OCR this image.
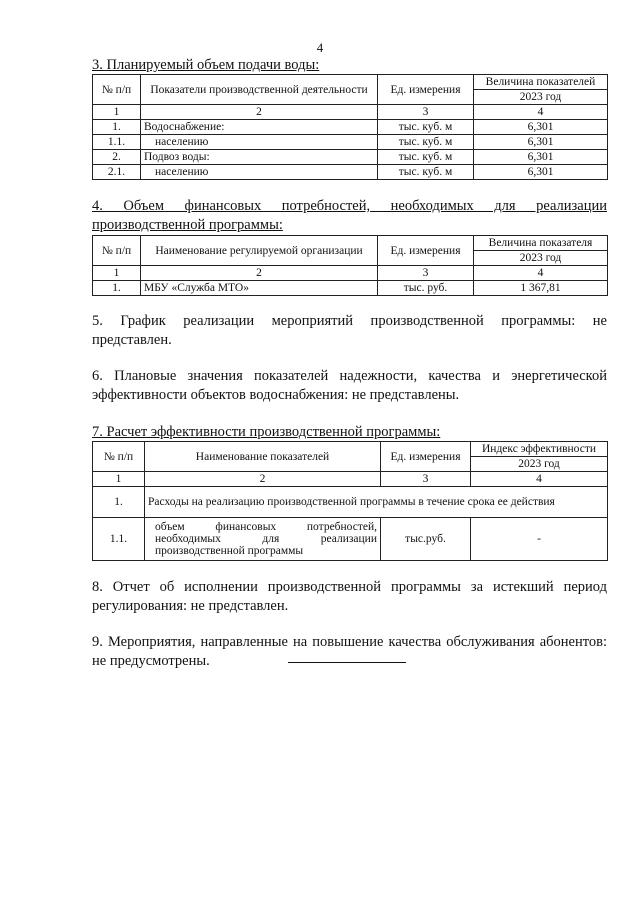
4
3. Планируемый объем подачи воды:
№ п/п	Показатели производственной деятельности	Ед. измерения	Величина показателей
			2023 год
1	2	3	4
1.	Водоснабжение:	тыс. куб. м	6,301
1.1.	населению	тыс. куб. м	6,301
2.	Подвоз воды:	тыс. куб. м	6,301
2.1.	населению	тыс. куб. м	6,301
4. Объем финансовых потребностей, необходимых для реализации производственной программы:
№ п/п	Наименование регулируемой организации	Ед. измерения	Величина показателя
			2023 год
1	2	3	4
1.	МБУ «Служба МТО»	тыс. руб.	1 367,81
5. График реализации мероприятий производственной программы: не представлен.
6. Плановые значения показателей надежности, качества и энергетической эффективности объектов водоснабжения: не представлены.
7. Расчет эффективности производственной программы:
№ п/п	Наименование показателей	Ед. измерения	Индекс эффективности
			2023 год
1	2	3	4
1.	Расходы на реализацию производственной программы в течение срока ее действия		
1.1.	объем финансовых потребностей, необходимых для реализации производственной программы	тыс.руб.	-
8. Отчет об исполнении производственной программы за истекший период регулирования: не представлен.
9. Мероприятия, направленные на повышение качества обслуживания абонентов: не предусмотрены.
